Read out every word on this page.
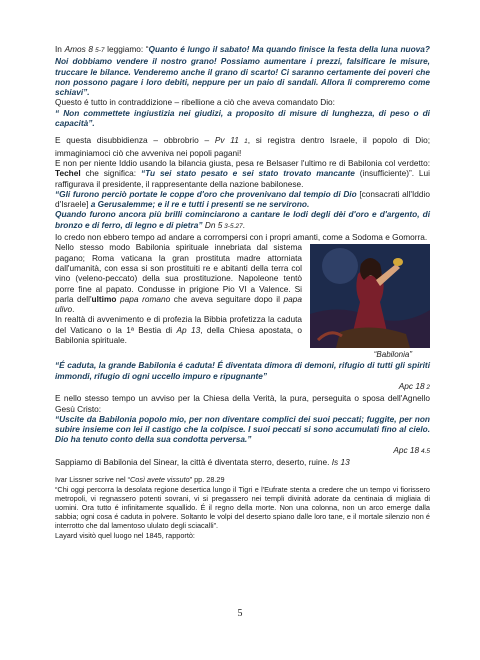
In Amos 8 5-7 leggiamo: “Quanto é lungo il sabato! Ma quando finisce la festa della luna nuova? Noi dobbiamo vendere il nostro grano! Possiamo aumentare i prezzi, falsificare le misure, truccare le bilance. Venderemo anche il grano di scarto! Ci saranno certamente dei poveri che non possono pagare i loro debiti, neppure per un paio di sandali. Allora li compreremo come schiavi”.
Questo é tutto in contraddizione – ribellione a ciò che aveva comandato Dio:
“ Non commettete ingiustizia nei giudizi, a proposito di misure di lunghezza, di peso o di capacità”.

E questa disubbidienza – obbrobrio – Pv 11 1, si registra dentro Israele, il popolo di Dio; immaginiamoci ciò che avveniva nei popoli pagani!

E non per niente Iddio usando la bilancia giusta, pesa re Belsaser l'ultimo re di Babilonia col verdetto: Techel che significa: “Tu sei stato pesato e sei stato trovato mancante (insufficiente)”. Lui raffigurava il presidente, il rappresentante della nazione babilonese.

“Gli furono perciò portate le coppe d'oro che provenivano dal tempio di Dio [consacrati all'Iddio d'Israele] a Gerusalemme; e il re e tutti i presenti se ne servirono.
Quando furono ancora più brilli cominciarono a cantare le lodi degli dèi d'oro e d'argento, di bronzo e di ferro, di legno e di pietra” Dn 5 3-5.27.

Io credo non ebbero tempo ad andare a corrompersi con i propri amanti, come a Sodoma e Gomorra.

Nello stesso modo Babilonia spirituale innebriata dal sistema pagano; Roma vaticana la gran prostituta madre attorniata dall'umanità, con essa si son prostituiti re e abitanti della terra col vino (veleno-peccato) della sua prostituzione. Napoleone tentò porre fine al papato. Condusse in prigione Pio VI a Valence. Si parla dell'ultimo papa romano che aveva seguitare dopo il papa ulivo.
In realtà di avvenimento e di profezia la Bibbia profetizza la caduta del Vaticano o la 1ª Bestia di Ap 13, della Chiesa apostata, o Babilonia spirituale.

“Babilonia”

“É caduta, la grande Babilonia é caduta! É diventata dimora di demoni, rifugio di tutti gli spiriti immondi, rifugio di ogni uccello impuro e ripugnante”

Apc 18 2

E nello stesso tempo un avviso per la Chiesa della Verità, la pura, perseguita o sposa dell'Agnello Gesù Cristo:
“Uscite da Babilonia popolo mio, per non diventare complici dei suoi peccati; fuggite, per non subire insieme con lei il castigo che la colpisce. I suoi peccati si sono accumulati fino al cielo. Dio ha tenuto conto della sua condotta perversa.”

Apc 18 4.5

Sappiamo di Babilonia del Sinear, la città é diventata sterro, deserto, ruine. Is 13

Ivar Lissner scrive nel “Così avete vissuto” pp. 28.29
“Chi oggi percorra la desolata regione desertica lungo il Tigri e l'Eufrate stenta a credere che un tempo vi fiorissero metropoli, vi regnassero potenti sovrani, vi si pregassero nei templi divinità adorate da centinaia di migliaia di uomini. Ora tutto é infinitamente squallido. É il regno della morte. Non una colonna, non un arco emerge dalla sabbia; ogni cosa é caduta in polvere. Soltanto le volpi del deserto spiano dalle loro tane, e il mortale silenzio non é interrotto che dal lamentoso ululato degli sciacalli”.
Layard visitò quel luogo nel 1845, rapportò:

5
